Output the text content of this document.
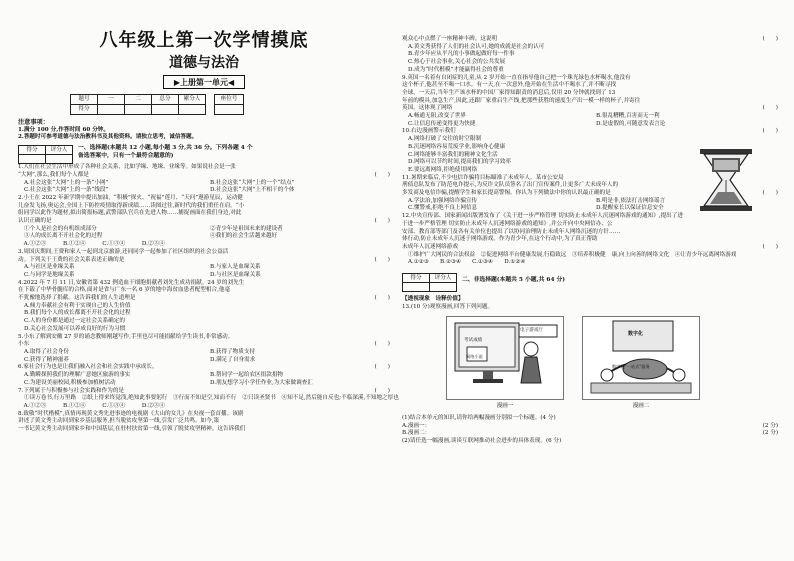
八年级上第一次学情摸底
道德与法治
▶上册第一单元◀
题号	一	二	总分	累分人
得分				
座位号

注意事项：
1.满分 100 分,作答时间 60 分钟。
2.答题时可参考道德与法治教科书及其他资料。请独立思考，诚信答题。
得分	评分人
	一、选择题(本题共 12 小题,每小题 3 分,共 36 分。下列各题 4 个
备选答案中，只有一个最符合题意的)
1.人们在社会生活中形成了各种社会关系，比如学缘、地缘、业缘等。如果说社会是一张
“大网”,那么,我们每个人都是	(　　)
A.社会这张“大网”上的一条“小网”	B.社会这张“大网”上的一个“结点”
C.社会这张“大网”上的一条“线段”	D.社会这张“大网”上不相干的个体
2.小王在 2022 年新学期中提出加油，“积极”探火、“祝福”莲月、“天问”遨游星辰，运动健
儿奋发飞扬,奥运会,全国上下防控疫情取得新成绩……读图过往,新时代的我们重任在肩。“小
组同学以此作为题材,拟出简报标题,武警部队官兵在先进人物……捕捉画面在我们身边,对此
认识正确的是	(　　)
①个人是社会的有机组成部分	②青少年是祖国未来的建设者
③人的成长离不开社会化的过程	④我们的社会生活越来越好
　A.①②③　　　B.①②④　　　C.①③④　　　D.②③④
3.周国庆期间,王费和家人一起到北京旅游,还同同学一起参加了社区组织的社会公益活
动。下列关于王费的社会关系表述正确的是	(　　)
A.与社区是业缘关系	B.与家人是血缘关系
C.与同学是地缘关系	D.与社区是血缘关系
4.2022 年 7 月 11 日,安徽省第 432 例造血干细胞捐献者刘先生成功捐献。24 岁的刘先生
在下载了中华骨髓库的合格,面对是省与广东一名 6 岁的地中海贫血患者配型相合,他毫
不犹豫地选择了捐献。这告诉我们的人生道理是	(　　)
A.倾力奉献社会有利于实现自己的人生价值
B.我们每个人的成长都离不开社会化的过程
C.人的身份都是通过一定社会关系确定的
D.关心社会发展可以养成良好的行为习惯
5.小东了解到安徽 27 岁的诵念教师刚越写作,手里也尽可能捐献给学生读书,非常感动。
小东	(　　)
A.取得了社会身份	B.获得了物质支持
C.获得了精神滋养	D.满足了自身需求
6.家社会行为也是让我们融入社会和社会实践中承成长。	(　　)
A.勤瞬探照我们的理解广意她区旅游的事实	B.帮同学一起给农区捐款捐物
C.为建设美丽校园,积极参加植树活动	D.朋友想学习小学任作业,为大家做调查汇
7.下列属于与积极参与社会实践和作为的是	(　　)
①读万卷书,行万里路　②纸上得来终觉浅,绝知此事要躬行　③行而不知是空,知而不行	②只读圣贤书　④知不足,然后能自反也;不临深溪,不知地之厚也
　A.①②③　　　B.①②④　　　C.①③④　　　D.②③④
8.致敬“时代楷模”,真情再现黄文秀先进事迹的电视剧《大山的女儿》在央视一套首播。该剧
讲述了黄文秀主动回到家乡基层服务,担当脱贫攻坚第一线,引发广泛共鸣。如今,第
一书记黄文秀主动回到家乡和中国基层,在驻村扶贫第一线,引领了脱贫攻坚精神。这告诉我们
观众心中点燃了一座精神丰碑。这说明	(　　)
A.黄文秀获得了人们的社会认可,她的成就是社会的认可
B.青少年应从平凡的小事做起做好每一件事
C.热心于社会事业,关心社会的公共发展
D.成为“时代楷模”才能赢得社会的尊重
9.英国一名着有自闭症的儿童,从 2 岁开始一直在指导他自己把一个珠光绿色水杯喝水,他没有
这个杯子,他甚至不喝一口水。有一天,在一次意外,他开始在生活中不喝水了,并不断寻找
全球。一天后,当年生产该水杯的中国厂家得知跟责的消息后,仅用 20 分钟就找到了 13
年前的模具,加急生产,因此,还跟厂家重启生产线,把那些获胜的速度生产出一模一样的杯子,并寄往
英国。这体现了网络	(　　)
A.畅通无阻,改变了世界	B.很乱糟糟,百害而无一利
C.让信息传递变得更为快捷	D.是虚假的,可随意发表言论
10.右边漫画警示我们	(　　)
A.网络打破了交往的时空限制
B.沉迷网络容易荒废学业,影响身心健康
C.网络能够丰富我们的精神文化生活
D.网络可以节约时间,提高我们的学习效率
E.要远离网络,拒绝使用网络
11.暑期来临后,不少电信诈骗将目标瞄准了未成年人。某市公安局
刑侦总队发布了防范电诈提示,为反诈文队员签名了出门宣传案件,让更多广大未成年人的
多发商及电信诈骗,提醒学生和家长提高警惕。你认为下列做法中你的认识最正确的是	(　　)
A.学法治,加强网络诈骗宣传	B.明是非,依法打击网络谣言
C.懂警戒,拒绝不良上网信息	D.提醒家长以保证信息安全
12.中央宣传部、国家新闻出版署发布了《关于进一步严格管理 切实防止未成年人沉迷网络游戏的通知》,提出了进
于进一步严格管理 切实防止未成年人沉迷网络游戏的通知》,并公开向中央网信办、公
安部、教育部等部门及各有关单位也提出了以协同治理防止未成年人网络沉迷的方针……
体行动,防止未成年人沉迷于网络游戏。作为青少年,在这个行动中,为了真正帮助
未成年人沉迷网络游戏	(　　)
①维护广大网民的合法权益　②促进网络平台健康发展,行稳致远　③培养积极健	康,向上向善的网络文化　④让青少年远离网络游戏
A.①②③　　B.②③④　　C.①③④　　D.①②④
得分	评分人
	二、非选择题(本题共 5 小题,共 64 分)
【透视现象　诠释价值】
13.(10 分)观察漫画,回答下列问题。
电子游戏厅
考试成绩
网络小说
漫画一
数字化
数字化“一站式”服务
漫画二
(1)结合本单元的知识,请你给两幅漫画分别拟一个标题。(4 分)
A.漫画一：	(2 分)
B.漫画二：	(2 分)
(2)请任选一幅漫画,谈谈互联网推动社会进步的具体表现。(6 分)
